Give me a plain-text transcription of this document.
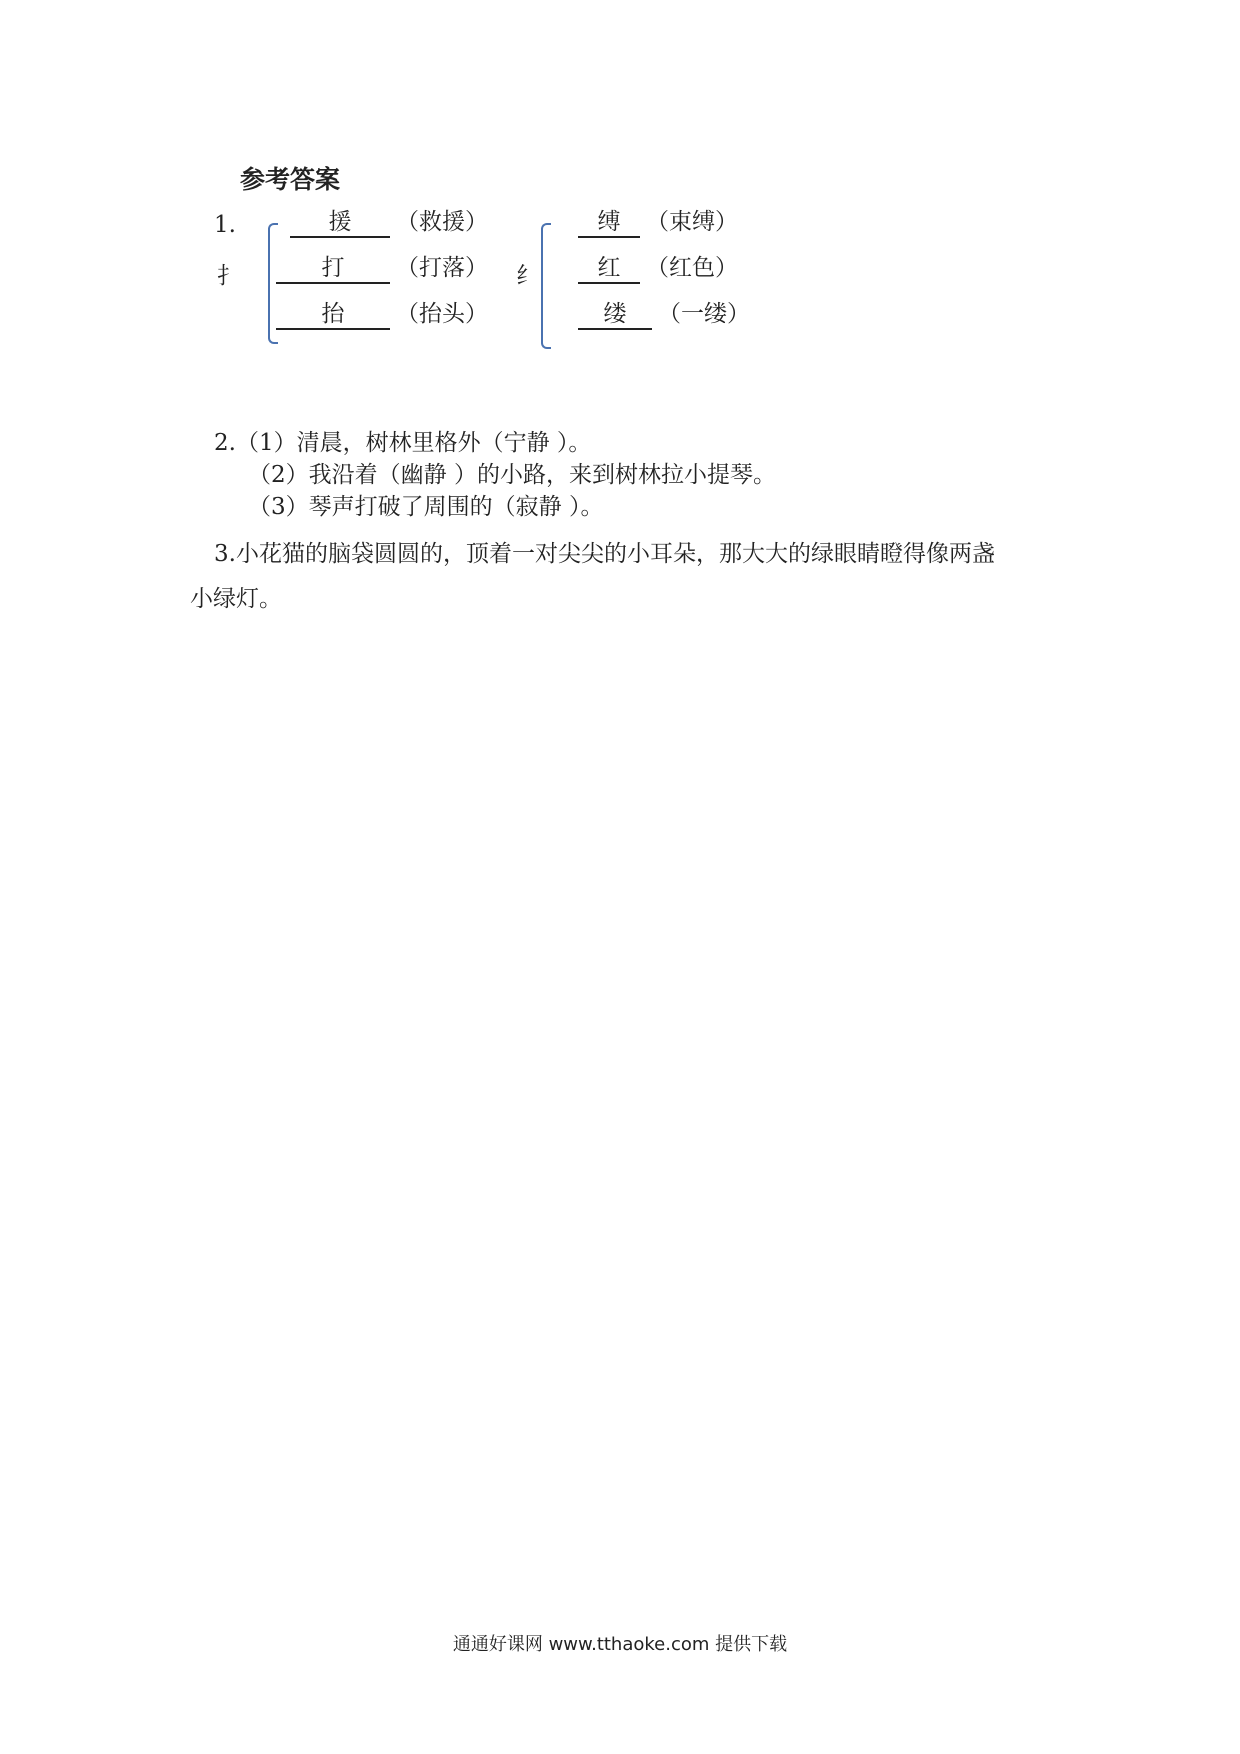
参考答案
1.
扌
援	（救援）
打	（打落）
抬	（抬头）
纟
缚	（束缚）
红	（红色）
缕	（一缕）
2.（1）清晨，树林里格外（宁静 ）。
（2）我沿着（幽静 ）的小路，来到树林拉小提琴。
（3）琴声打破了周围的（寂静 ）。
3.小花猫的脑袋圆圆的，顶着一对尖尖的小耳朵，那大大的绿眼睛瞪得像两盏
小绿灯。
通通好课网 www.tthaoke.com 提供下载
